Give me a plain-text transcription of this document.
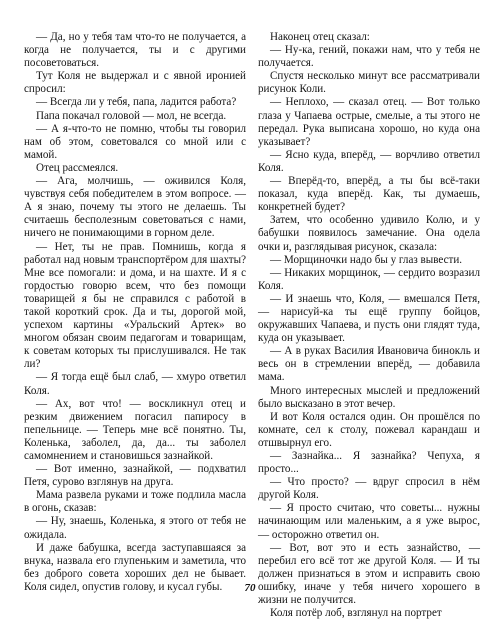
— Да, но у тебя там что-то не получается, а когда не получается, ты и с другими посоветоваться.

Тут Коля не выдержал и с явной иронией спросил:

— Всегда ли у тебя, папа, ладится работа?

Папа покачал головой — мол, не всегда.

— А я-что-то не помню, чтобы ты говорил нам об этом, советовался со мной или с мамой.

Отец рассмеялся.

— Ага, молчишь, — оживился Коля, чувствуя себя победителем в этом вопросе. — А я знаю, почему ты этого не делаешь. Ты считаешь бесполезным советоваться с нами, ничего не понимающими в горном деле.

— Нет, ты не прав. Помнишь, когда я работал над новым транспортёром для шахты? Мне все помогали: и дома, и на шахте. И я с гордостью говорю всем, что без помощи товарищей я бы не справился с работой в такой короткий срок. Да и ты, дорогой мой, успехом картины «Уральский Артек» во многом обязан своим педагогам и товарищам, к советам которых ты прислушивался. Не так ли?

— Я тогда ещё был слаб, — хмуро ответил Коля.

— Ах, вот что! — воскликнул отец и резким движением погасил папиросу в пепельнице. — Теперь мне всё понятно. Ты, Коленька, заболел, да, да... ты заболел самомнением и становишься зазнайкой.

— Вот именно, зазнайкой, — подхватил Петя, сурово взглянув на друга.

Мама развела руками и тоже подлила масла в огонь, сказав:

— Ну, знаешь, Коленька, я этого от тебя не ожидала.

И даже бабушка, всегда заступавшаяся за внука, назвала его глупеньким и заметила, что без доброго совета хороших дел не бывает. Коля сидел, опустив голову, и кусал губы.

Наконец отец сказал:

— Ну-ка, гений, покажи нам, что у тебя не получается.

Спустя несколько минут все рассматривали рисунок Коли.

— Неплохо, — сказал отец. — Вот только глаза у Чапаева острые, смелые, а ты этого не передал. Рука выписана хорошо, но куда она указывает?

— Ясно куда, вперёд, — ворчливо ответил Коля.

— Вперёд-то, вперёд, а ты бы всё-таки показал, куда вперёд. Как, ты думаешь, конкретней будет?

Затем, что особенно удивило Колю, и у бабушки появилось замечание. Она одела очки и, разглядывая рисунок, сказала:

— Морщиночки надо бы у глаз вывести.

— Никаких морщинок, — сердито возразил Коля.

— И знаешь что, Коля, — вмешался Петя, — нарисуй-ка ты ещё группу бойцов, окружавших Чапаева, и пусть они глядят туда, куда он указывает.

— А в руках Василия Ивановича бинокль и весь он в стремлении вперёд, — добавила мама.

Много интересных мыслей и предложений было высказано в этот вечер.

И вот Коля остался один. Он прошёлся по комнате, сел к столу, пожевал карандаш и отшвырнул его.

— Зазнайка... Я зазнайка? Чепуха, я просто...

— Что просто? — вдруг спросил в нём другой Коля.

— Я просто считаю, что советы... нужны начинающим или маленьким, а я уже вырос, — осторожно ответил он.

— Вот, вот это и есть зазнайство, — перебил его всё тот же другой Коля. — И ты должен признаться в этом и исправить свою ошибку, иначе у тебя ничего хорошего в жизни не получится.

Коля потёр лоб, взглянул на портрет

70
